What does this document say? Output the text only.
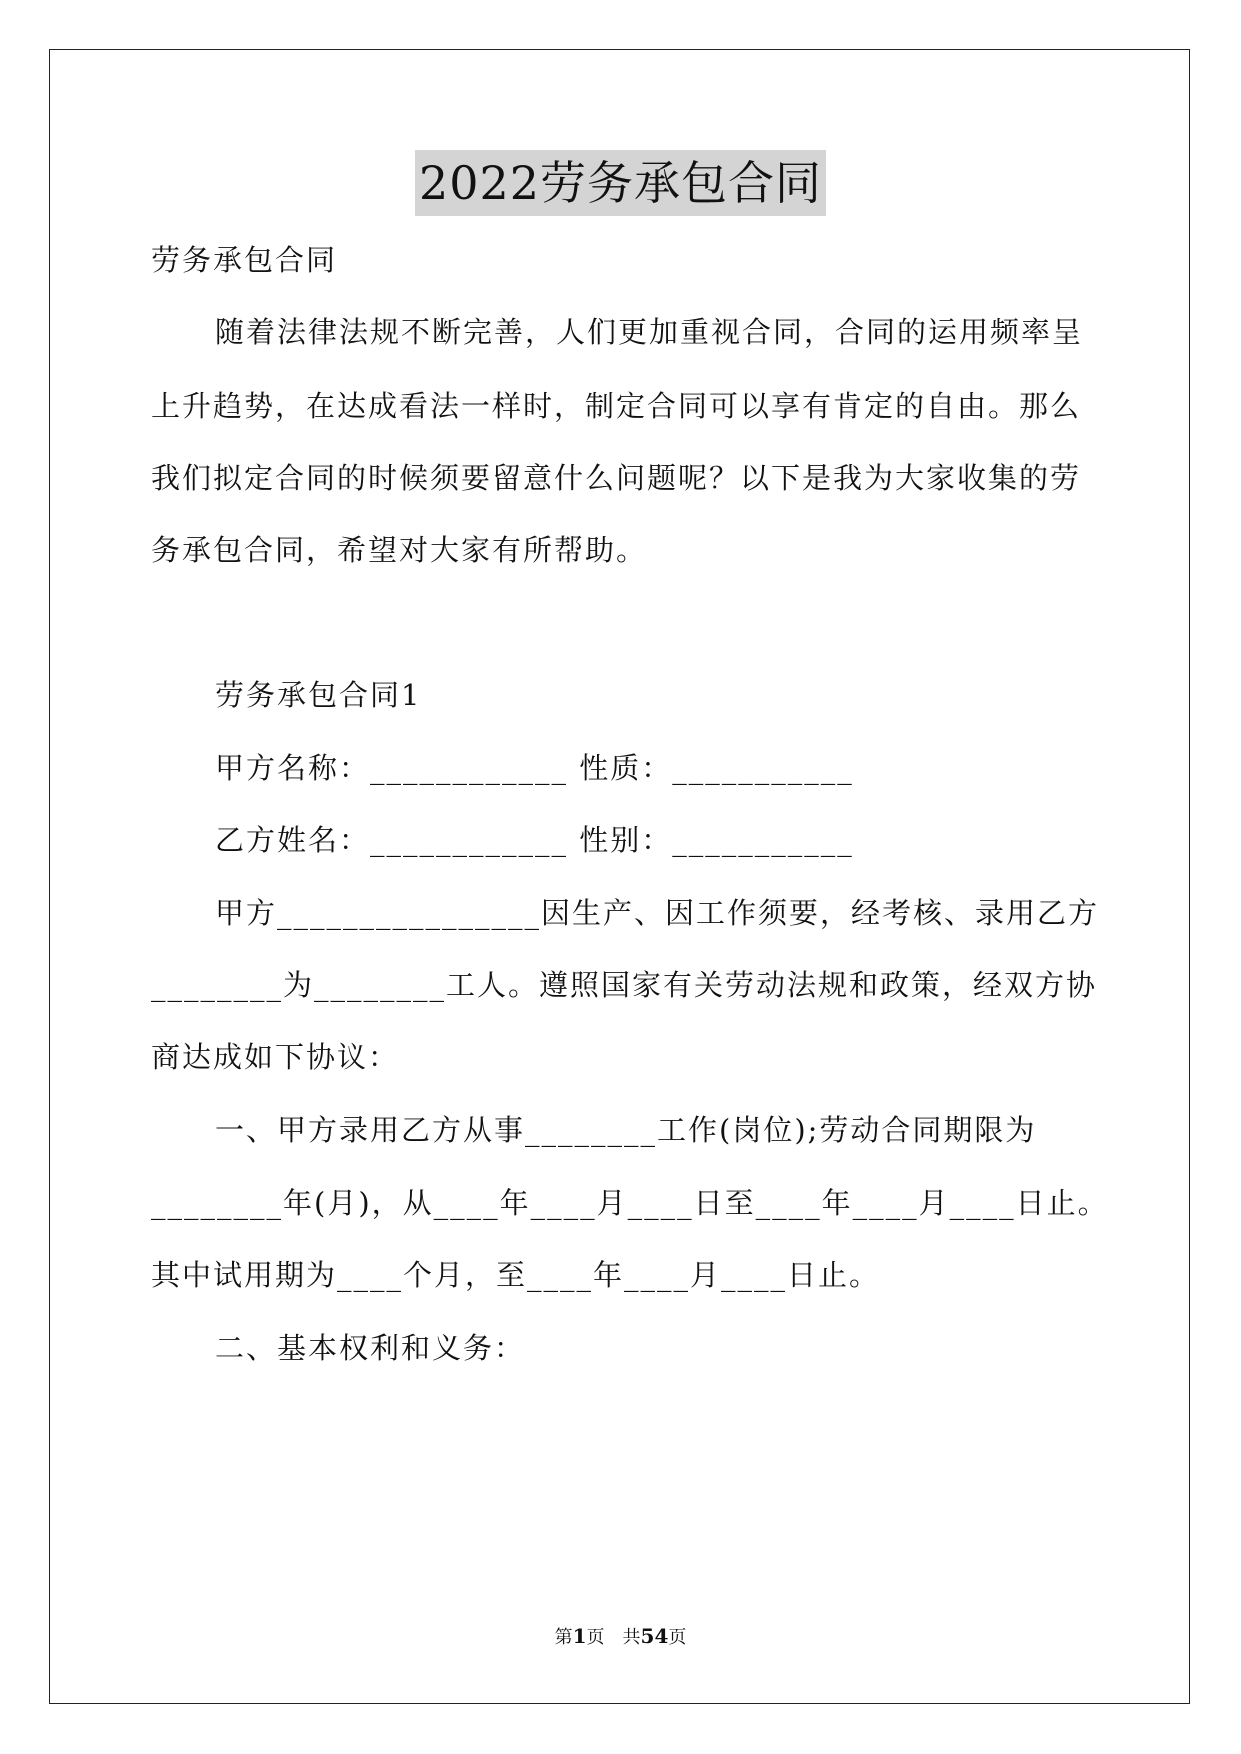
2022劳务承包合同
劳务承包合同
随着法律法规不断完善，人们更加重视合同，合同的运用频率呈
上升趋势，在达成看法一样时，制定合同可以享有肯定的自由。那么
我们拟定合同的时候须要留意什么问题呢？以下是我为大家收集的劳
务承包合同，希望对大家有所帮助。
劳务承包合同1
甲方名称：____________ 性质：___________
乙方姓名：____________ 性别：___________
甲方________________因生产、因工作须要，经考核、录用乙方
________为________工人。遵照国家有关劳动法规和政策，经双方协
商达成如下协议：
一、甲方录用乙方从事________工作(岗位);劳动合同期限为
________年(月)，从____年____月____日至____年____月____日止。
其中试用期为____个月，至____年____月____日止。
二、基本权利和义务：
第1页　共54页
